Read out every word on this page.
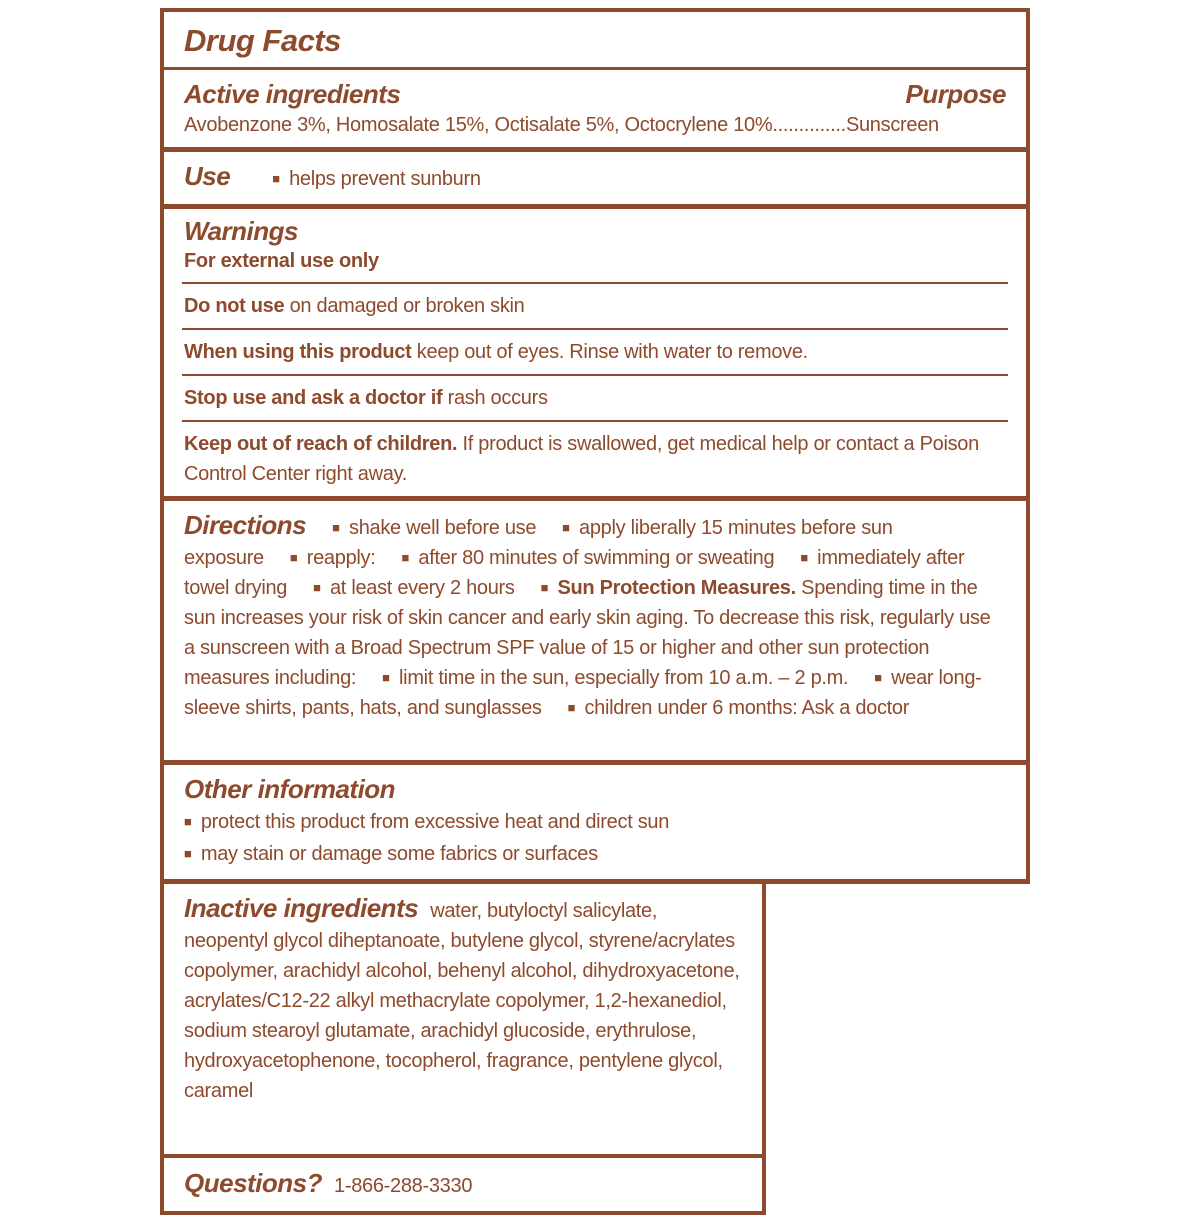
Drug Facts
Active ingredients	Purpose
Avobenzone 3%, Homosalate 15%, Octisalate 5%, Octocrylene 10%..............Sunscreen
Use	■ helps prevent sunburn
Warnings
For external use only
Do not use on damaged or broken skin
When using this product keep out of eyes. Rinse with water to remove.
Stop use and ask a doctor if rash occurs
Keep out of reach of children. If product is swallowed, get medical help or contact a Poison Control Center right away.
Directions ■ shake well before use ■ apply liberally 15 minutes before sun exposure ■ reapply: ■ after 80 minutes of swimming or sweating ■ immediately after towel drying ■ at least every 2 hours ■ Sun Protection Measures. Spending time in the sun increases your risk of skin cancer and early skin aging. To decrease this risk, regularly use a sunscreen with a Broad Spectrum SPF value of 15 or higher and other sun protection measures including: ■ limit time in the sun, especially from 10 a.m. – 2 p.m. ■ wear long-sleeve shirts, pants, hats, and sunglasses ■ children under 6 months: Ask a doctor
Other information
■ protect this product from excessive heat and direct sun
■ may stain or damage some fabrics or surfaces
Inactive ingredients water, butyloctyl salicylate, neopentyl glycol diheptanoate, butylene glycol, styrene/acrylates copolymer, arachidyl alcohol, behenyl alcohol, dihydroxyacetone, acrylates/C12-22 alkyl methacrylate copolymer, 1,2-hexanediol, sodium stearoyl glutamate, arachidyl glucoside, erythrulose, hydroxyacetophenone, tocopherol, fragrance, pentylene glycol, caramel
Questions? 1-866-288-3330
